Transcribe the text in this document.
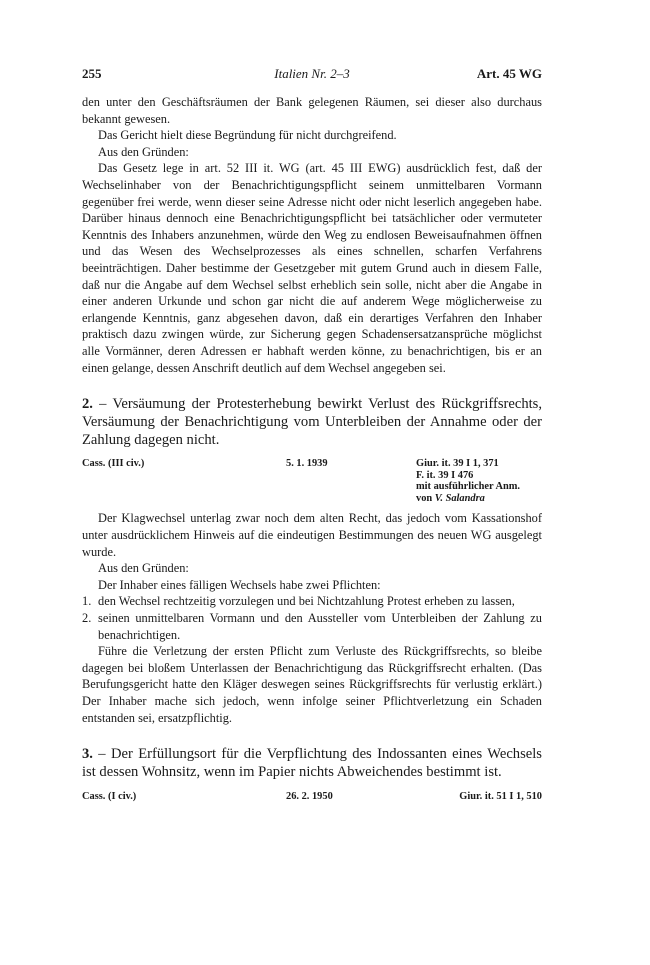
255	Italien Nr. 2–3	Art. 45 WG

den unter den Geschäftsräumen der Bank gelegenen Räumen, sei dieser also durchaus bekannt gewesen.

Das Gericht hielt diese Begründung für nicht durchgreifend.

Aus den Gründen:

Das Gesetz lege in art. 52 III it. WG (art. 45 III EWG) ausdrücklich fest, daß der Wechselinhaber von der Benachrichtigungspflicht seinem unmittelbaren Vormann gegenüber frei werde, wenn dieser seine Adresse nicht oder nicht leserlich angegeben habe. Darüber hinaus dennoch eine Benachrichtigungspflicht bei tatsächlicher oder vermuteter Kenntnis des Inhabers anzunehmen, würde den Weg zu endlosen Beweisaufnahmen öffnen und das Wesen des Wechselprozesses als eines schnellen, scharfen Verfahrens beeinträchtigen. Daher bestimme der Gesetzgeber mit gutem Grund auch in diesem Falle, daß nur die Angabe auf dem Wechsel selbst erheblich sein solle, nicht aber die Angabe in einer anderen Urkunde und schon gar nicht die auf anderem Wege möglicherweise zu erlangende Kenntnis, ganz abgesehen davon, daß ein derartiges Verfahren den Inhaber praktisch dazu zwingen würde, zur Sicherung gegen Schadensersatzansprüche möglichst alle Vormänner, deren Adressen er habhaft werden könne, zu benachrichtigen, bis er an einen gelange, dessen Anschrift deutlich auf dem Wechsel angegeben sei.

2. – Versäumung der Protesterhebung bewirkt Verlust des Rückgriffsrechts, Versäumung der Benachrichtigung vom Unterbleiben der Annahme oder der Zahlung dagegen nicht.
Cass. (III civ.)	5. 1. 1939	Giur. it. 39 I 1, 371
F. it. 39 I 476
mit ausführlicher Anm.
von V. Salandra

Der Klagwechsel unterlag zwar noch dem alten Recht, das jedoch vom Kassationshof unter ausdrücklichem Hinweis auf die eindeutigen Bestimmungen des neuen WG ausgelegt wurde.

Aus den Gründen:

Der Inhaber eines fälligen Wechsels habe zwei Pflichten:

1. den Wechsel rechtzeitig vorzulegen und bei Nichtzahlung Protest erheben zu lassen,

2. seinen unmittelbaren Vormann und den Aussteller vom Unterbleiben der Zahlung zu benachrichtigen.

Führe die Verletzung der ersten Pflicht zum Verluste des Rückgriffsrechts, so bleibe dagegen bei bloßem Unterlassen der Benachrichtigung das Rückgriffsrecht erhalten. (Das Berufungsgericht hatte den Kläger deswegen seines Rückgriffsrechts für verlustig erklärt.) Der Inhaber mache sich jedoch, wenn infolge seiner Pflichtverletzung ein Schaden entstanden sei, ersatzpflichtig.

3. – Der Erfüllungsort für die Verpflichtung des Indossanten eines Wechsels ist dessen Wohnsitz, wenn im Papier nichts Abweichendes bestimmt ist.
Cass. (I civ.)	26. 2. 1950	Giur. it. 51 I 1, 510
